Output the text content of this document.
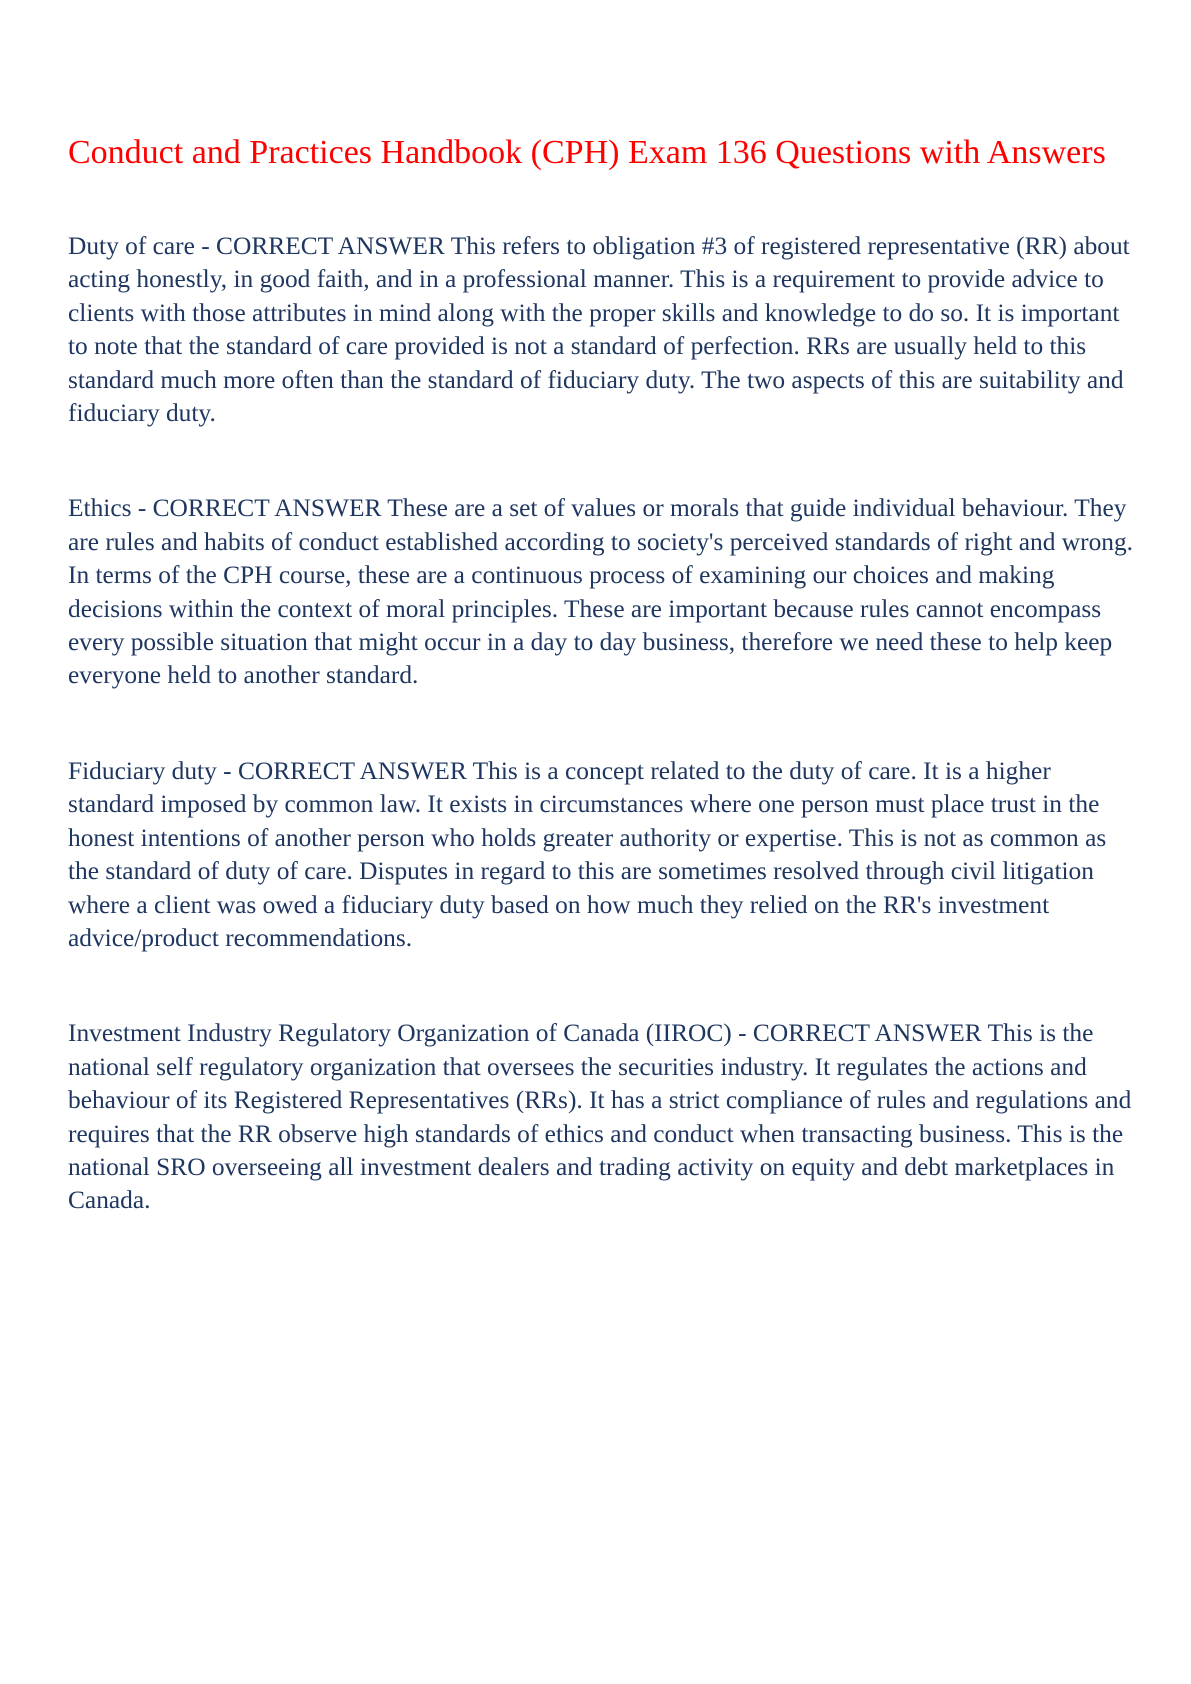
Conduct and Practices Handbook (CPH) Exam 136 Questions with Answers
Duty of care - CORRECT ANSWER This refers to obligation #3 of registered representative (RR) about acting honestly, in good faith, and in a professional manner. This is a requirement to provide advice to clients with those attributes in mind along with the proper skills and knowledge to do so. It is important to note that the standard of care provided is not a standard of perfection. RRs are usually held to this standard much more often than the standard of fiduciary duty. The two aspects of this are suitability and fiduciary duty.
Ethics - CORRECT ANSWER These are a set of values or morals that guide individual behaviour. They are rules and habits of conduct established according to society's perceived standards of right and wrong. In terms of the CPH course, these are a continuous process of examining our choices and making decisions within the context of moral principles. These are important because rules cannot encompass every possible situation that might occur in a day to day business, therefore we need these to help keep everyone held to another standard.
Fiduciary duty - CORRECT ANSWER This is a concept related to the duty of care. It is a higher standard imposed by common law. It exists in circumstances where one person must place trust in the honest intentions of another person who holds greater authority or expertise. This is not as common as the standard of duty of care. Disputes in regard to this are sometimes resolved through civil litigation where a client was owed a fiduciary duty based on how much they relied on the RR's investment advice/product recommendations.
Investment Industry Regulatory Organization of Canada (IIROC) - CORRECT ANSWER This is the national self regulatory organization that oversees the securities industry. It regulates the actions and behaviour of its Registered Representatives (RRs). It has a strict compliance of rules and regulations and requires that the RR observe high standards of ethics and conduct when transacting business. This is the national SRO overseeing all investment dealers and trading activity on equity and debt marketplaces in Canada.
